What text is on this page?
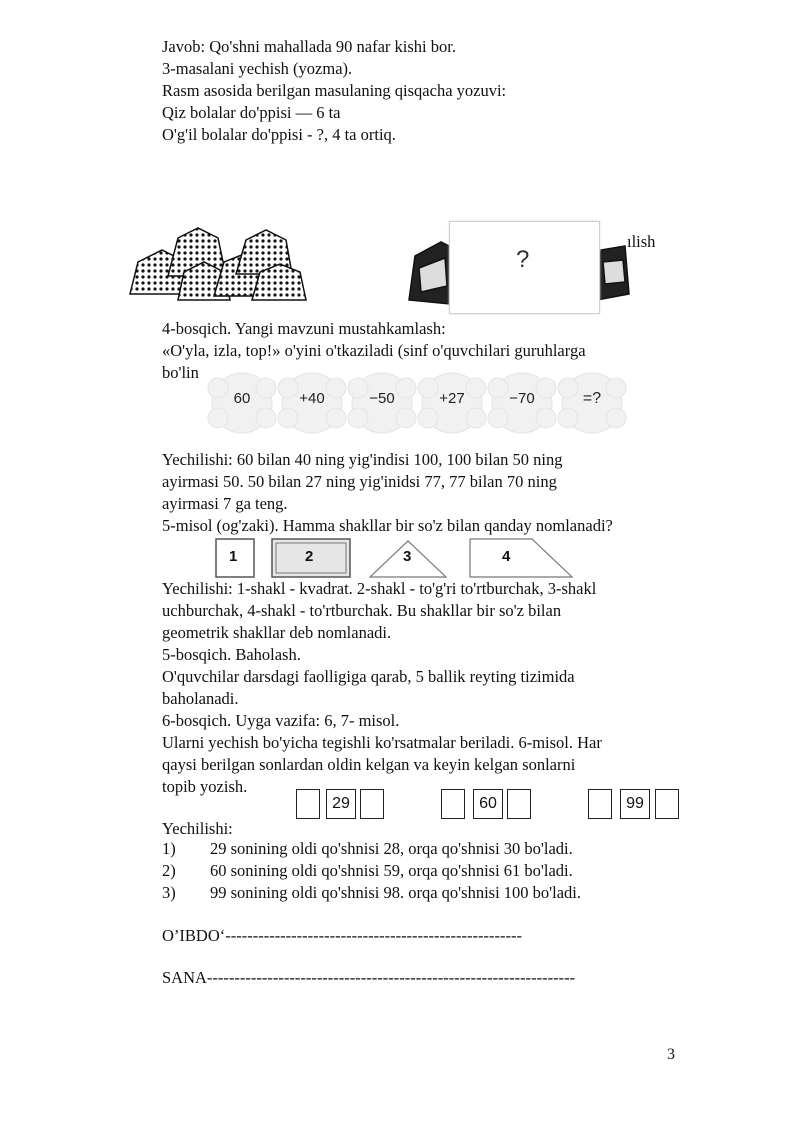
Javob: Qo'shni mahallada 90 nafar kishi bor.
3-masalani yechish (yozma).
Rasm asosida berilgan masulaning qisqacha yozuvi:
Qiz bolalar do'ppisi — 6 ta
O'g'il bolalar do'ppisi - ?, 4 ta ortiq.
?
ılish
4-bosqich. Yangi mavzuni mustahkamlash:
«O'yla, izla, top!» o'yini o'tkaziladi (sinf o'quvchilari guruhlarga
bo'lin
60	+40	−50	+27	−70	=?
Yechilishi: 60 bilan 40 ning yig'indisi 100, 100 bilan 50 ning
ayirmasi 50. 50 bilan 27 ning yig'inidsi 77, 77 bilan 70 ning
ayirmasi 7 ga teng.
5-misol (og'zaki). Hamma shakllar bir so'z bilan qanday nomlanadi?
1	2	3	4
Yechilishi: 1-shakl - kvadrat. 2-shakl - to'g'ri to'rtburchak, 3-shakl
uchburchak, 4-shakl - to'rtburchak. Bu shakllar bir so'z bilan
geometrik shakllar deb nomlanadi.
5-bosqich. Baholash.
O'quvchilar darsdagi faolligiga qarab, 5 ballik reyting tizimida
baholanadi.
6-bosqich. Uyga vazifa: 6, 7- misol.
Ularni yechish bo'yicha tegishli ko'rsatmalar beriladi. 6-misol. Har
qaysi berilgan sonlardan oldin kelgan va keyin kelgan sonlarni
topib yozish.
29	60	99
Yechilishi:
1) 29 sonining oldi qo'shnisi 28, orqa qo'shnisi 30 bo'ladi.
2) 60 sonining oldi qo'shnisi 59, orqa qo'shnisi 61 bo'ladi.
3) 99 sonining oldi qo'shnisi 98. orqa qo'shnisi 100 bo'ladi.
O’IBDO‘------------------------------------------------------
SANA-------------------------------------------------------------------
3
